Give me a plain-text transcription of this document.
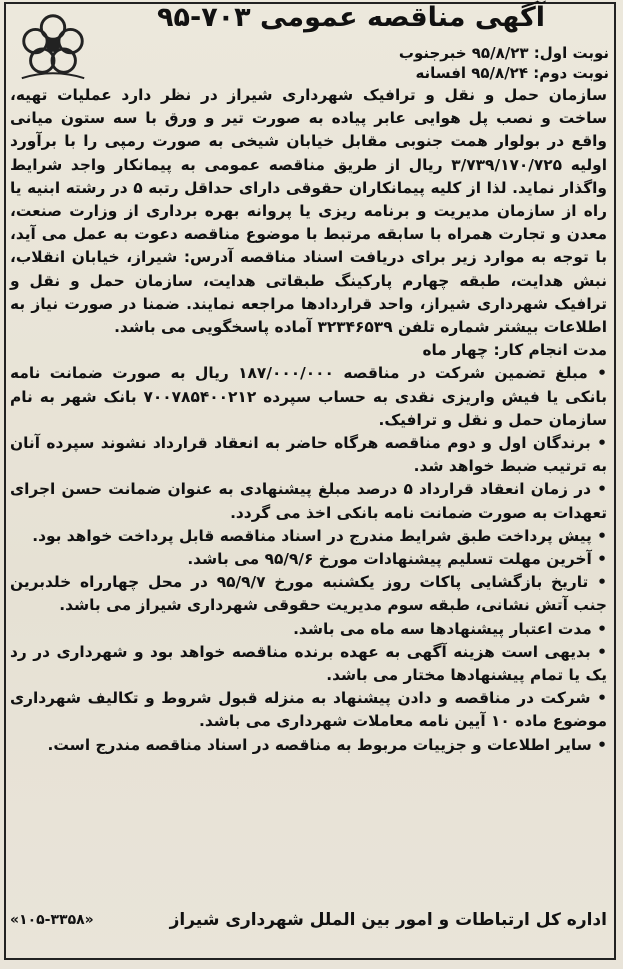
آگهی مناقصه عمومی ۷۰۳-۹۵
نوبت اول: ۹۵/۸/۲۳ خبرجنوب
نوبت دوم: ۹۵/۸/۲۴ افسانه

سازمان حمل و نقل و ترافیک شهرداری شیراز در نظر دارد عملیات تهیه، ساخت و نصب پل هوایی عابر پیاده به صورت تیر و ورق با سه ستون میانی واقع در بولوار همت جنوبی مقابل خیابان شیخی به صورت رمپی را با برآورد اولیه ۳/۷۳۹/۱۷۰/۷۲۵ ریال از طریق مناقصه عمومی به پیمانکار واجد شرایط واگذار نماید. لذا از کلیه پیمانکاران حقوقی دارای حداقل رتبه ۵ در رشته ابنیه یا راه از سازمان مدیریت و برنامه ریزی یا پروانه بهره برداری از وزارت صنعت، معدن و تجارت همراه با سابقه مرتبط با موضوع مناقصه دعوت به عمل می آید، با توجه به موارد زیر برای دریافت اسناد مناقصه آدرس: شیراز، خیابان انقلاب، نبش هدایت، طبقه چهارم پارکینگ طبقاتی هدایت، سازمان حمل و نقل و ترافیک شهرداری شیراز، واحد قراردادها مراجعه نمایند. ضمنا در صورت نیاز به اطلاعات بیشتر شماره تلفن ۳۲۳۴۶۵۳۹ آماده پاسخگویی می باشد.

مدت انجام کار: چهار ماه

• مبلغ تضمین شرکت در مناقصه ۱۸۷/۰۰۰/۰۰۰ ریال به صورت ضمانت نامه بانکی یا فیش واریزی نقدی به حساب سپرده ۷۰۰۷۸۵۴۰۰۲۱۲ بانک شهر به نام سازمان حمل و نقل و ترافیک.

• برندگان اول و دوم مناقصه هرگاه حاضر به انعقاد قرارداد نشوند سپرده آنان به ترتیب ضبط خواهد شد.

• در زمان انعقاد قرارداد ۵ درصد مبلغ پیشنهادی به عنوان ضمانت حسن اجرای تعهدات به صورت ضمانت نامه بانکی اخذ می گردد.

• پیش پرداخت طبق شرایط مندرج در اسناد مناقصه قابل پرداخت خواهد بود.

• آخرین مهلت تسلیم پیشنهادات مورخ ۹۵/۹/۶ می باشد.

• تاریخ بازگشایی پاکات روز یکشنبه مورخ ۹۵/۹/۷ در محل چهارراه خلدبرین جنب آتش نشانی، طبقه سوم مدیریت حقوقی شهرداری شیراز می باشد.

• مدت اعتبار پیشنهادها سه ماه می باشد.

• بدیهی است هزینه آگهی به عهده برنده مناقصه خواهد بود و شهرداری در رد یک یا تمام پیشنهادها مختار می باشد.

• شرکت در مناقصه و دادن پیشنهاد به منزله قبول شروط و تکالیف شهرداری موضوع ماده ۱۰ آیین نامه معاملات شهرداری می باشد.

• سایر اطلاعات و جزییات مربوط به مناقصه در اسناد مناقصه مندرج است.

اداره کل ارتباطات و امور بین الملل شهرداری شیراز
«۱۰۵-۳۳۵۸»
